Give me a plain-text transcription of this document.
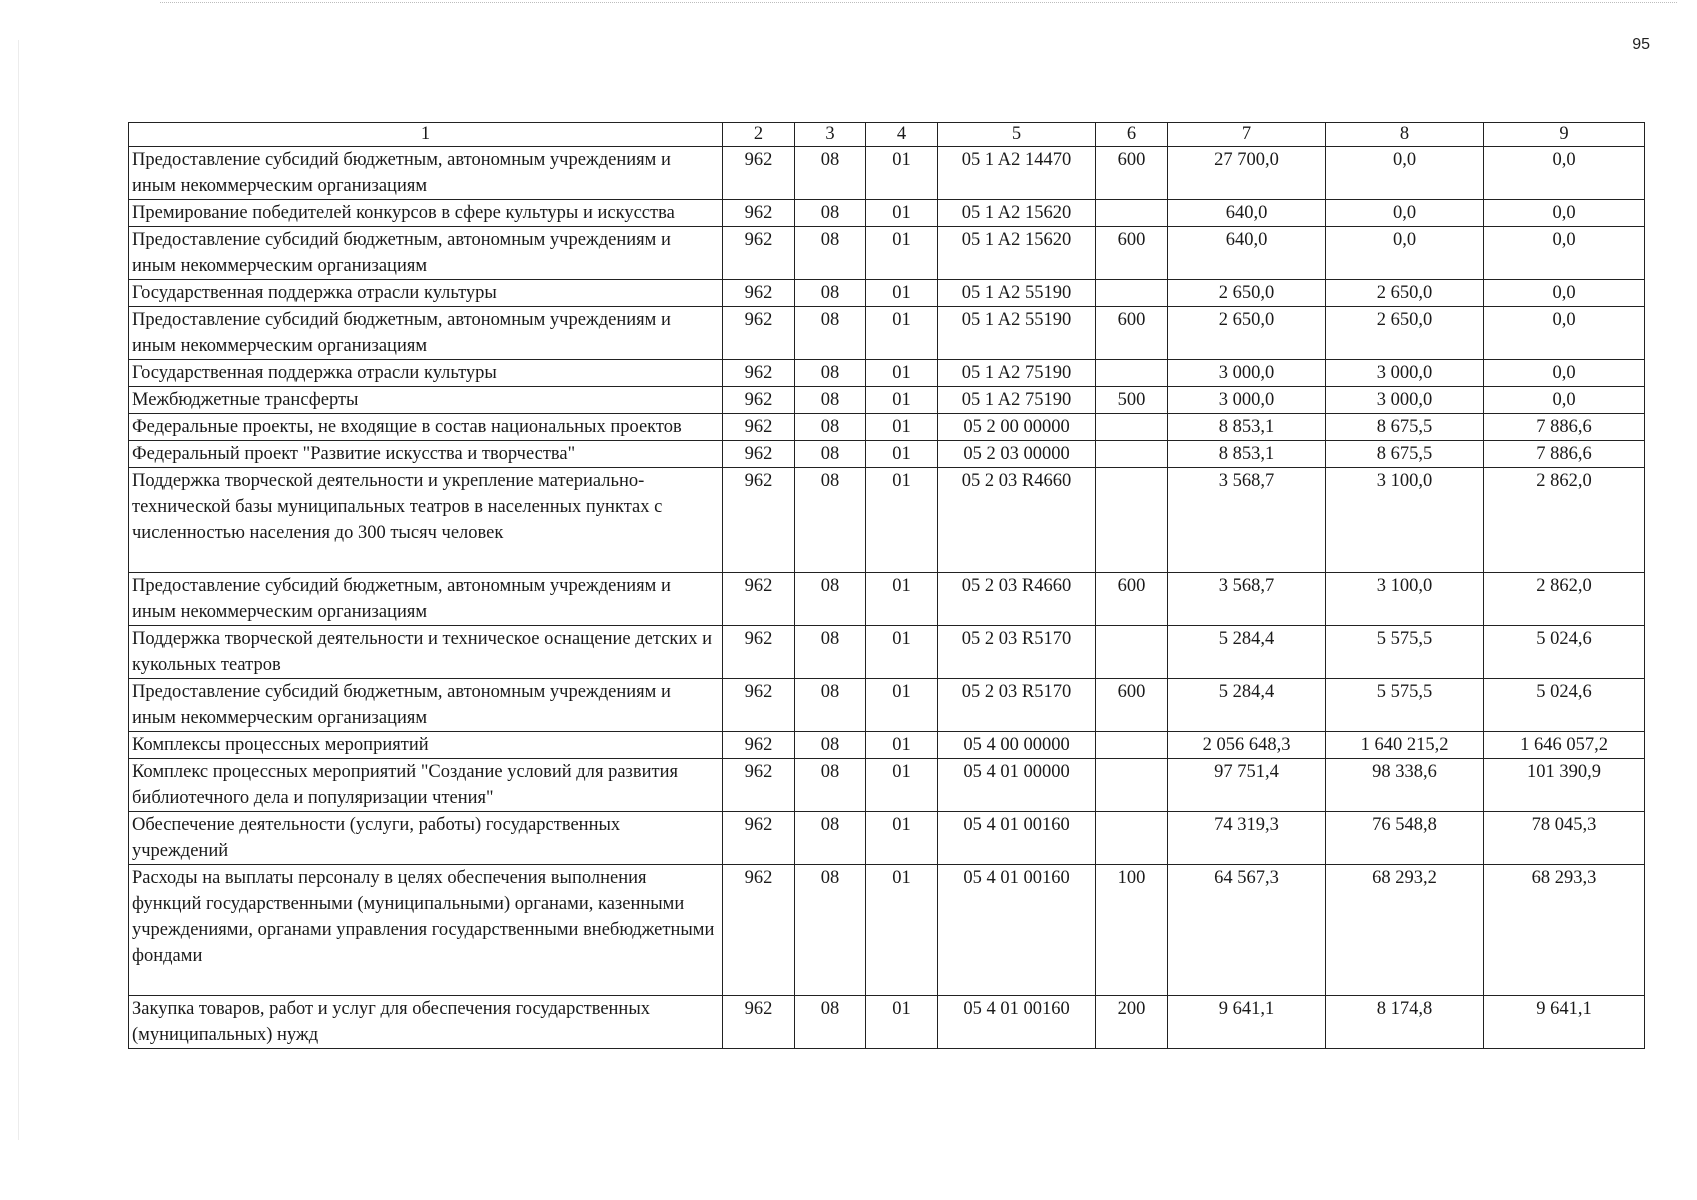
95
1	2	3	4	5	6	7	8	9
Предоставление субсидий бюджетным, автономным учреждениям и иным некоммерческим организациям	962	08	01	05 1 A2 14470	600	27 700,0	0,0	0,0
Премирование победителей конкурсов в сфере культуры и искусства	962	08	01	05 1 A2 15620		640,0	0,0	0,0
Предоставление субсидий бюджетным, автономным учреждениям и иным некоммерческим организациям	962	08	01	05 1 A2 15620	600	640,0	0,0	0,0
Государственная поддержка отрасли культуры	962	08	01	05 1 A2 55190		2 650,0	2 650,0	0,0
Предоставление субсидий бюджетным, автономным учреждениям и иным некоммерческим организациям	962	08	01	05 1 A2 55190	600	2 650,0	2 650,0	0,0
Государственная поддержка отрасли культуры	962	08	01	05 1 A2 75190		3 000,0	3 000,0	0,0
Межбюджетные трансферты	962	08	01	05 1 A2 75190	500	3 000,0	3 000,0	0,0
Федеральные проекты, не входящие в состав национальных проектов	962	08	01	05 2 00 00000		8 853,1	8 675,5	7 886,6
Федеральный проект "Развитие искусства и творчества"	962	08	01	05 2 03 00000		8 853,1	8 675,5	7 886,6
Поддержка творческой деятельности и укрепление материально-технической базы муниципальных театров в населенных пунктах с численностью населения до 300 тысяч человек	962	08	01	05 2 03 R4660		3 568,7	3 100,0	2 862,0
Предоставление субсидий бюджетным, автономным учреждениям и иным некоммерческим организациям	962	08	01	05 2 03 R4660	600	3 568,7	3 100,0	2 862,0
Поддержка творческой деятельности и техническое оснащение детских и кукольных театров	962	08	01	05 2 03 R5170		5 284,4	5 575,5	5 024,6
Предоставление субсидий бюджетным, автономным учреждениям и иным некоммерческим организациям	962	08	01	05 2 03 R5170	600	5 284,4	5 575,5	5 024,6
Комплексы процессных мероприятий	962	08	01	05 4 00 00000		2 056 648,3	1 640 215,2	1 646 057,2
Комплекс процессных мероприятий "Создание условий для развития библиотечного дела и популяризации чтения"	962	08	01	05 4 01 00000		97 751,4	98 338,6	101 390,9
Обеспечение деятельности (услуги, работы) государственных учреждений	962	08	01	05 4 01 00160		74 319,3	76 548,8	78 045,3
Расходы на выплаты персоналу в целях обеспечения выполнения функций государственными (муниципальными) органами, казенными учреждениями, органами управления государственными внебюджетными фондами	962	08	01	05 4 01 00160	100	64 567,3	68 293,2	68 293,3
Закупка товаров, работ и услуг для обеспечения государственных (муниципальных) нужд	962	08	01	05 4 01 00160	200	9 641,1	8 174,8	9 641,1
